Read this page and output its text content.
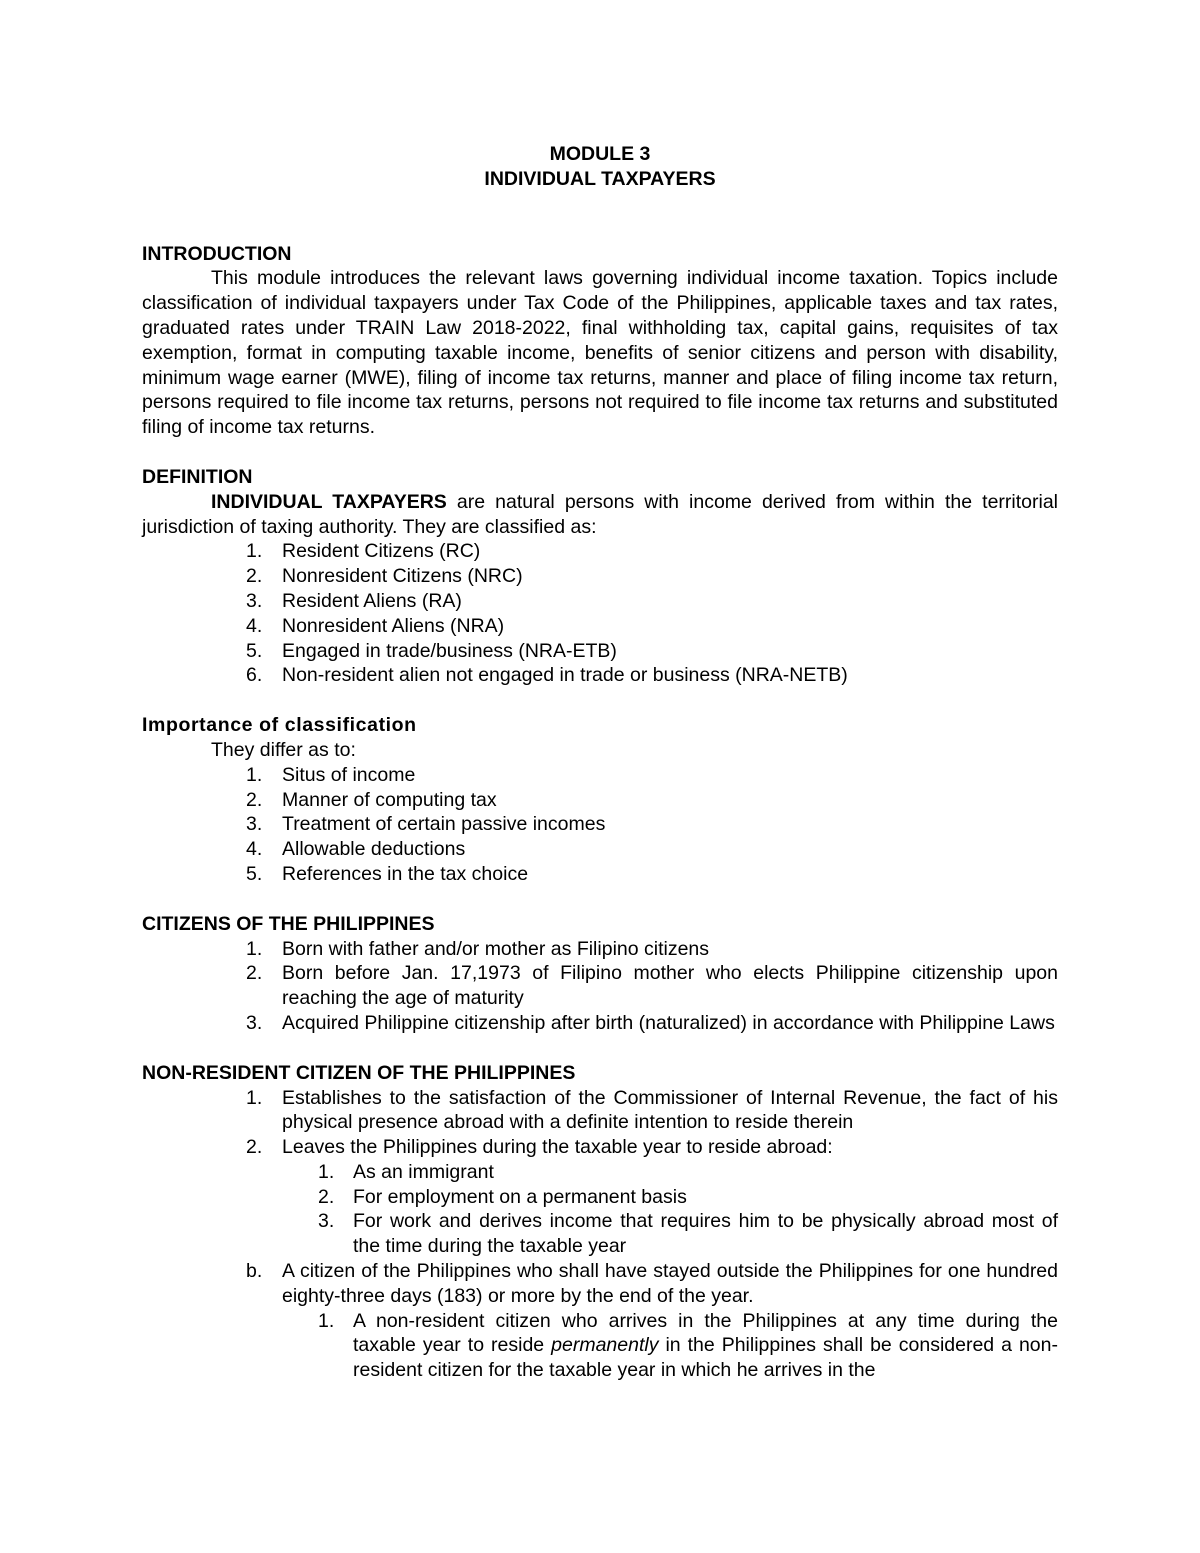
MODULE 3

INDIVIDUAL TAXPAYERS

INTRODUCTION

This module introduces the relevant laws governing individual income taxation. Topics include classification of individual taxpayers under Tax Code of the Philippines, applicable taxes and tax rates, graduated rates under TRAIN Law 2018-2022, final withholding tax, capital gains, requisites of tax exemption, format in computing taxable income, benefits of senior citizens and person with disability, minimum wage earner (MWE), filing of income tax returns, manner and place of filing income tax return, persons required to file income tax returns, persons not required to file income tax returns and substituted filing of income tax returns.

DEFINITION

INDIVIDUAL TAXPAYERS are natural persons with income derived from within the territorial jurisdiction of taxing authority. They are classified as:

1. Resident Citizens (RC)
2. Nonresident Citizens (NRC)
3. Resident Aliens (RA)
4. Nonresident Aliens (NRA)
5. Engaged in trade/business (NRA-ETB)
6. Non-resident alien not engaged in trade or business (NRA-NETB)

Importance of classification

They differ as to:

1. Situs of income
2. Manner of computing tax
3. Treatment of certain passive incomes
4. Allowable deductions
5. References in the tax choice

CITIZENS OF THE PHILIPPINES

1. Born with father and/or mother as Filipino citizens
2. Born before Jan. 17,1973 of Filipino mother who elects Philippine citizenship upon reaching the age of maturity
3. Acquired Philippine citizenship after birth (naturalized) in accordance with Philippine Laws

NON-RESIDENT CITIZEN OF THE PHILIPPINES

1. Establishes to the satisfaction of the Commissioner of Internal Revenue, the fact of his physical presence abroad with a definite intention to reside therein
2. Leaves the Philippines during the taxable year to reside abroad:
1. As an immigrant
2. For employment on a permanent basis
3. For work and derives income that requires him to be physically abroad most of the time during the taxable year
b. A citizen of the Philippines who shall have stayed outside the Philippines for one hundred eighty-three days (183) or more by the end of the year.
1. A non-resident citizen who arrives in the Philippines at any time during the taxable year to reside permanently in the Philippines shall be considered a non-resident citizen for the taxable year in which he arrives in the
